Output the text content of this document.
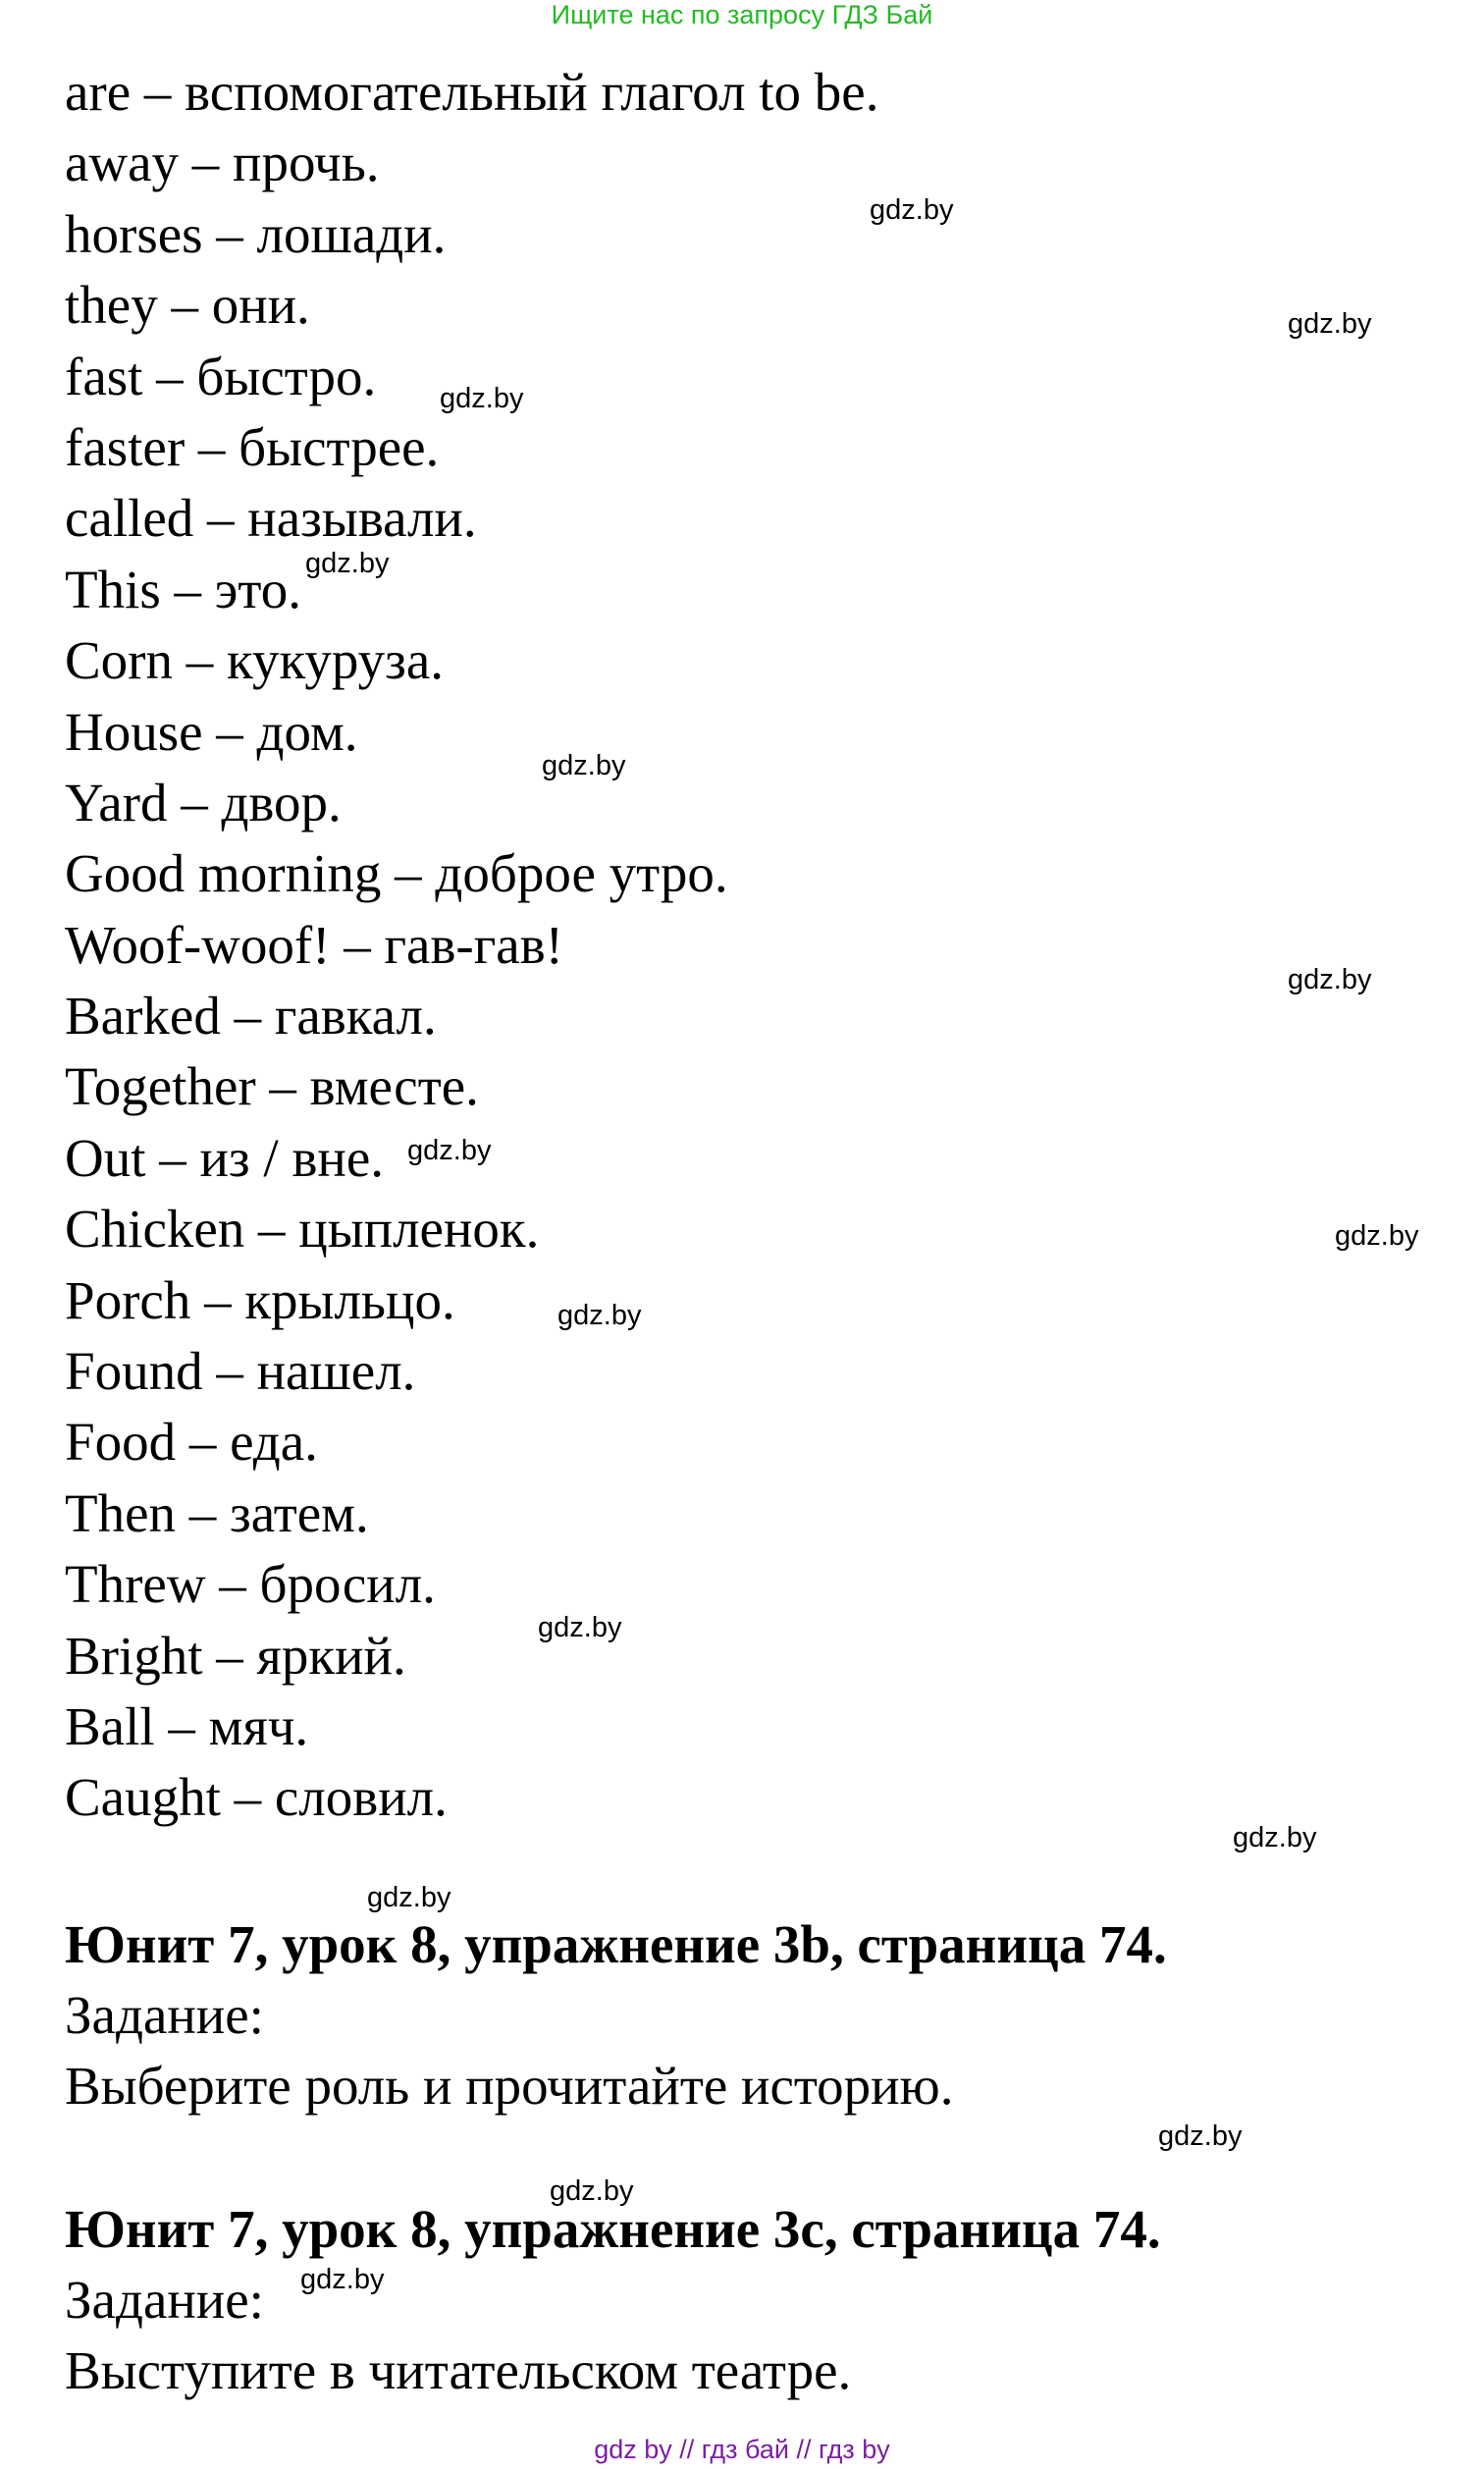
Ищите нас по запросу ГДЗ Бай
are – вспомогательный глагол to be.
away – прочь.
horses – лошади.
they – они.
fast – быстро.
faster – быстрее.
called – называли.
This – это.
Corn – кукуруза.
House – дом.
Yard – двор.
Good morning – доброе утро.
Woof-woof! – гав-гав!
Barked – гавкал.
Together – вместе.
Out – из / вне.
Chicken – цыпленок.
Porch – крыльцо.
Found – нашел.
Food – еда.
Then – затем.
Threw – бросил.
Bright – яркий.
Ball – мяч.
Caught – словил.
Юнит 7, урок 8, упражнение 3b, страница 74.
Задание:
Выберите роль и прочитайте историю.
Юнит 7, урок 8, упражнение 3c, страница 74.
Задание:
Выступите в читательском театре.
gdz.by
gdz.by
gdz.by
gdz.by
gdz.by
gdz.by
gdz.by
gdz.by
gdz.by
gdz.by
gdz.by
gdz.by
gdz.by
gdz.by
gdz.by
gdz by // гдз бай // гдз by
